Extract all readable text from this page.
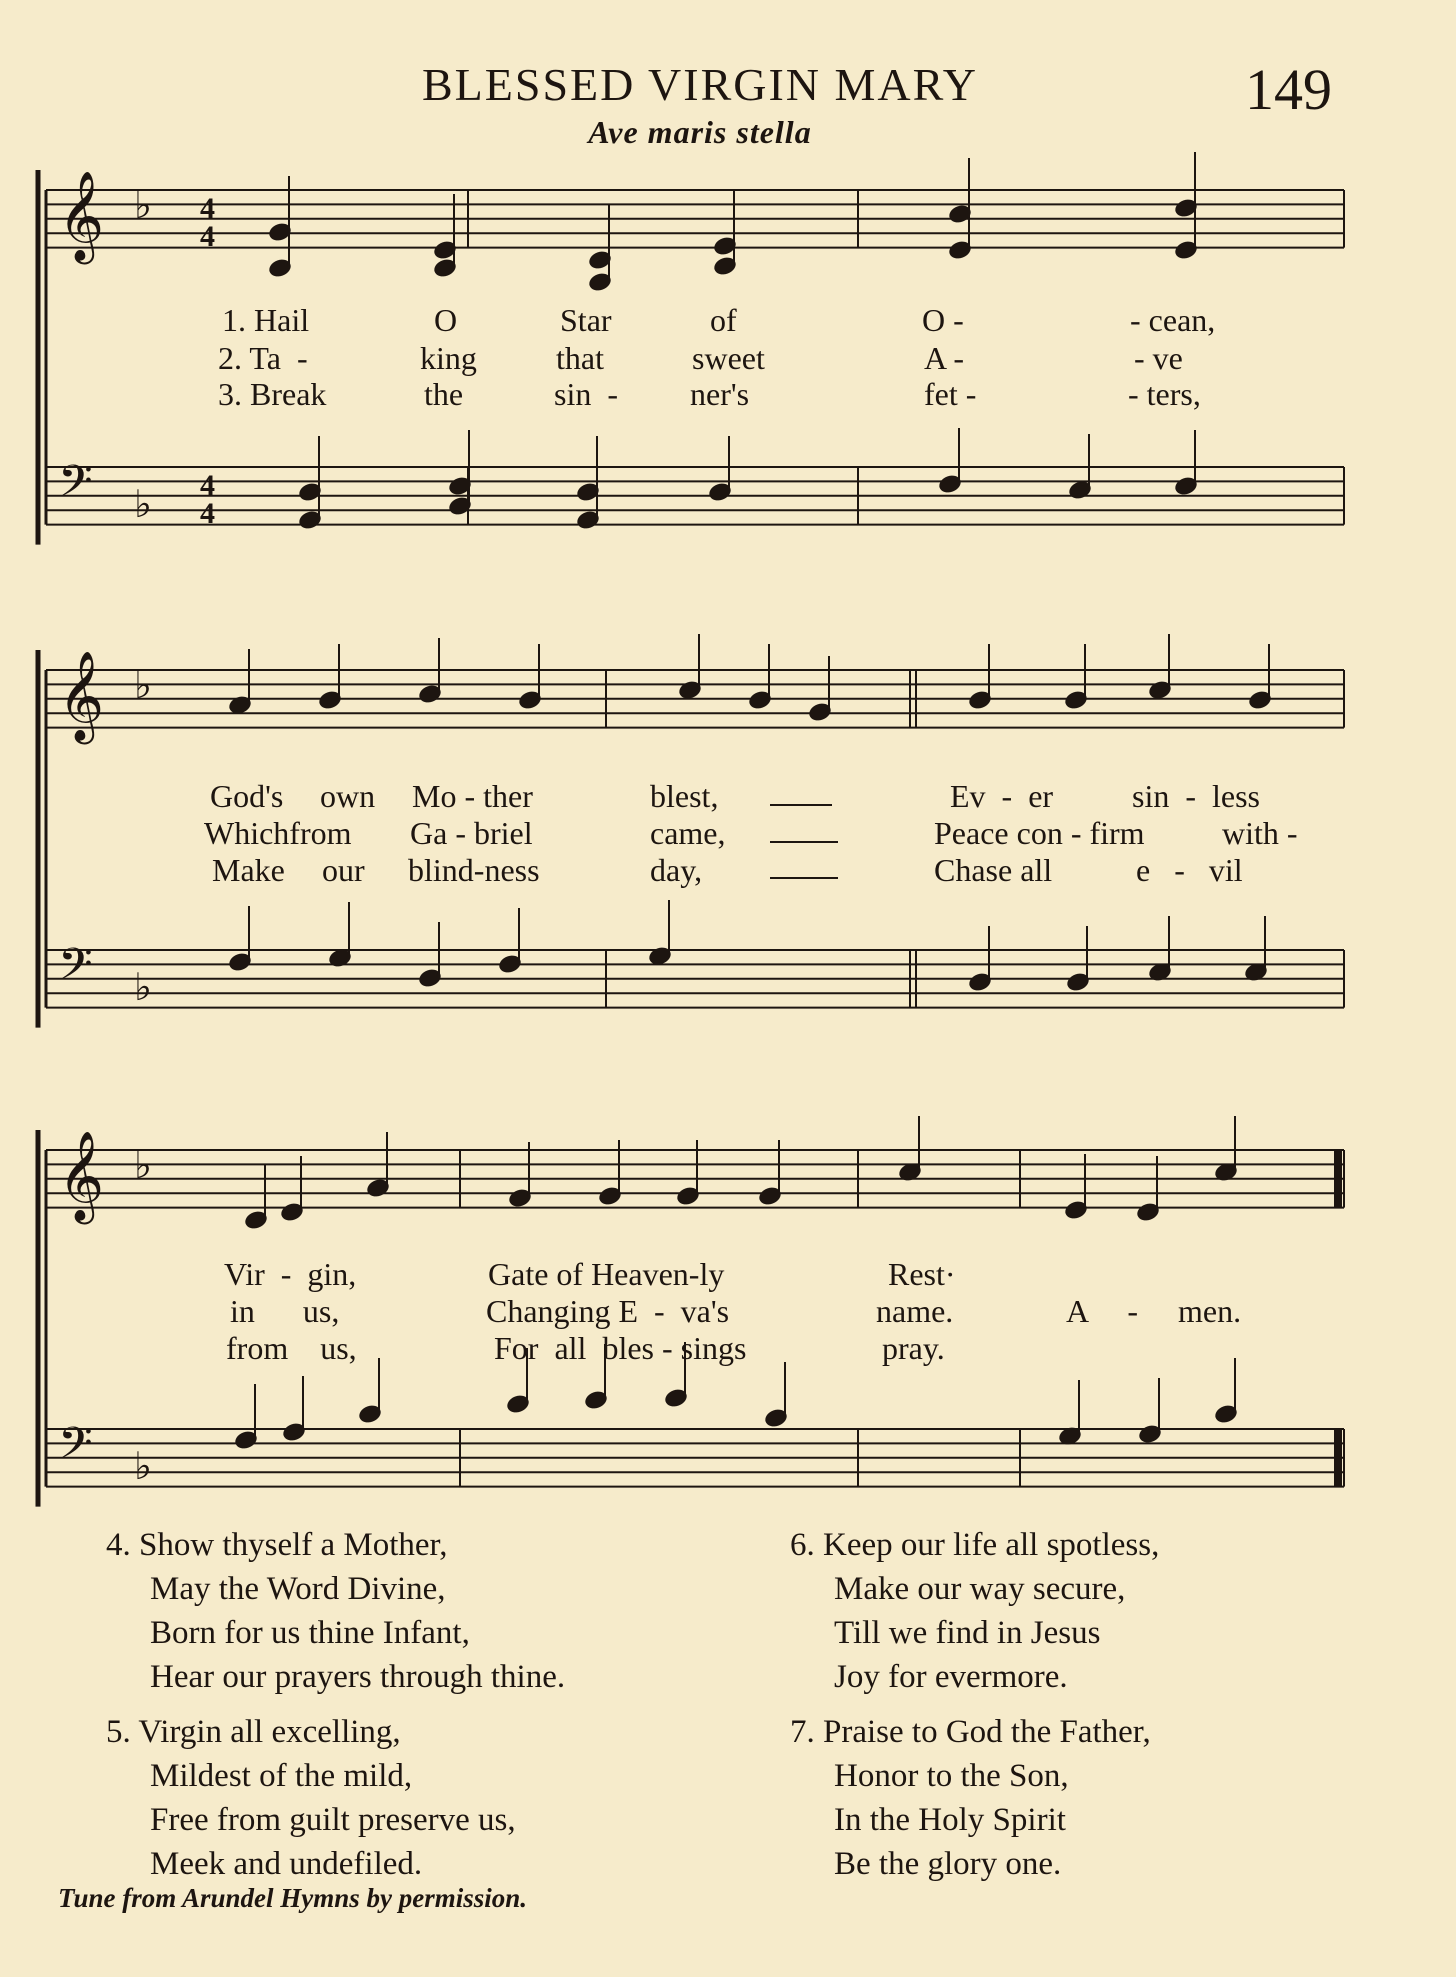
BLESSED VIRGIN MARY	149
Ave maris stella
𝄞 ♭ 4
4
𝄢 ♭ 4
4
𝄞 ♭
𝄢 ♭
𝄞 ♭
𝄢 ♭
1. Hail	O	Star	of	O -	- cean,
2. Ta  -	king that	sweet	A -	- ve
3. Break	the	sin  - ner's	fet -	- ters,
God's own Mo - ther	blest,	Ev  -  er sin  -  less
Whichfrom Ga - briel	came,	Peace con - firm with -
Make our blind-ness	day,	Chase all	e   -   vil
Vir  -  gin,	Gate of Heaven-ly	Rest·
in      us,	Changing E  -  va's	name.	A     -     men.
from    us,	For  all  bles - sings	pray.
4. Show thyself a Mother,
May the Word Divine,
Born for us thine Infant,
Hear our prayers through thine.
5. Virgin all excelling,
Mildest of the mild,
Free from guilt preserve us,
Meek and undefiled.
6. Keep our life all spotless,
Make our way secure,
Till we find in Jesus
Joy for evermore.
7. Praise to God the Father,
Honor to the Son,
In the Holy Spirit
Be the glory one.
Tune from Arundel Hymns by permission.
